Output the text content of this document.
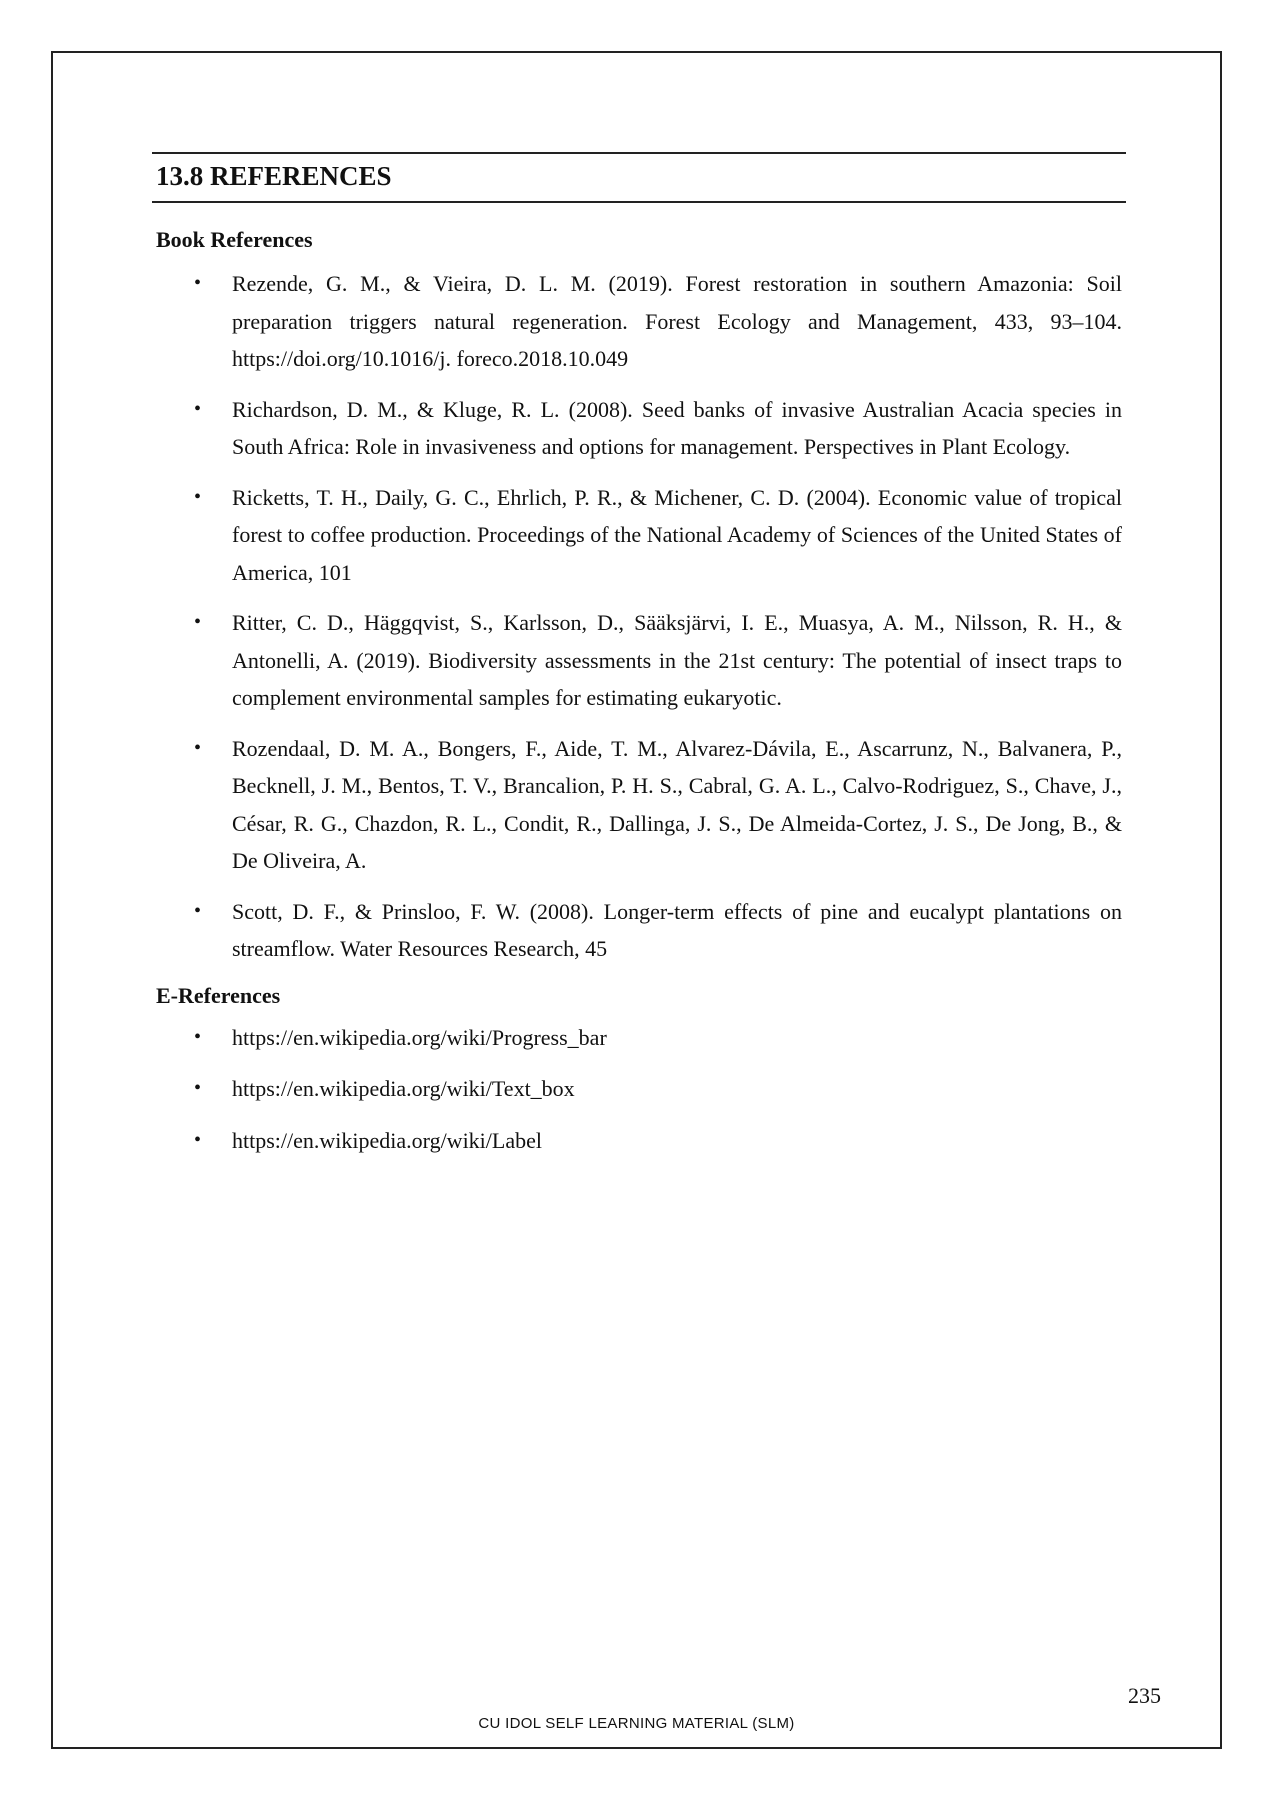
13.8 REFERENCES
Book References
• Rezende, G. M., & Vieira, D. L. M. (2019). Forest restoration in southern Amazonia: Soil preparation triggers natural regeneration. Forest Ecology and Management, 433, 93–104. https://doi.org/10.1016/j. foreco.2018.10.049
• Richardson, D. M., & Kluge, R. L. (2008). Seed banks of invasive Australian Acacia species in South Africa: Role in invasiveness and options for management. Perspectives in Plant Ecology.
• Ricketts, T. H., Daily, G. C., Ehrlich, P. R., & Michener, C. D. (2004). Economic value of tropical forest to coffee production. Proceedings of the National Academy of Sciences of the United States of America, 101
• Ritter, C. D., Häggqvist, S., Karlsson, D., Sääksjärvi, I. E., Muasya, A. M., Nilsson, R. H., & Antonelli, A. (2019). Biodiversity assessments in the 21st century: The potential of insect traps to complement environmental samples for estimating eukaryotic.
• Rozendaal, D. M. A., Bongers, F., Aide, T. M., Alvarez-Dávila, E., Ascarrunz, N., Balvanera, P., Becknell, J. M., Bentos, T. V., Brancalion, P. H. S., Cabral, G. A. L., Calvo-Rodriguez, S., Chave, J., César, R. G., Chazdon, R. L., Condit, R., Dallinga, J. S., De Almeida-Cortez, J. S., De Jong, B., & De Oliveira, A.
• Scott, D. F., & Prinsloo, F. W. (2008). Longer-term effects of pine and eucalypt plantations on streamflow. Water Resources Research, 45
E-References
• https://en.wikipedia.org/wiki/Progress_bar
• https://en.wikipedia.org/wiki/Text_box
• https://en.wikipedia.org/wiki/Label
235
CU IDOL SELF LEARNING MATERIAL (SLM)
